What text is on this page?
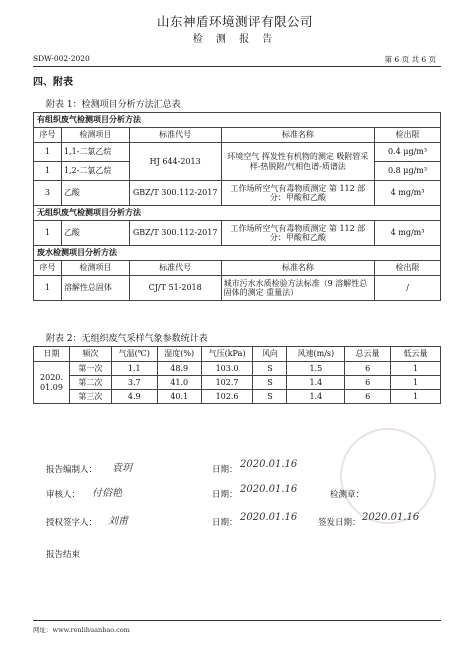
山东神盾环境测评有限公司
检 测 报 告
SDW-002-2020	第 6 页 共 6 页
四、附表
附表 1：检测项目分析方法汇总表
有组织废气检测项目分析方法				
序号	检测项目	标准代号	标准名称	检出限
1	1,1-二氯乙烷	HJ 644-2013	环境空气 挥发性有机物的测定 吸附管采样-热脱附/气相色谱-质谱法	0.4 μg/m³
1	1,2-二氯乙烷			0.8 μg/m³
3	乙酸	GBZ/T 300.112-2017	工作场所空气有毒物质测定 第 112 部分：甲酸和乙酸	4 mg/m³
无组织废气检测项目分析方法				
1	乙酸	GBZ/T 300.112-2017	工作场所空气有毒物质测定 第 112 部分：甲酸和乙酸	4 mg/m³
废水检测项目分析方法				
序号	检测项目	标准代号	标准名称	检出限
1	溶解性总固体	CJ/T 51-2018	城市污水水质检验方法标准（9 溶解性总固体的测定 重量法）	/
附表 2：无组织废气采样气象参数统计表
日期	频次	气温(℃)	湿度(%)	气压(kPa)	风向	风速(m/s)	总云量	低云量
2020.
01.09	第一次	1.1	48.9	103.0	S	1.5	6	1
	第二次	3.7	41.0	102.7	S	1.4	6	1
	第三次	4.9	40.1	102.6	S	1.4	6	1
报告编制人： 袁玥	日期： 2020.01.16
审核人： 付俗艳	日期： 2020.01.16	检测章：
授权签字人： 刘甫	日期： 2020.01.16 签发日期： 2020.01.16
报告结束
网址：www.renlihuanbao.com
